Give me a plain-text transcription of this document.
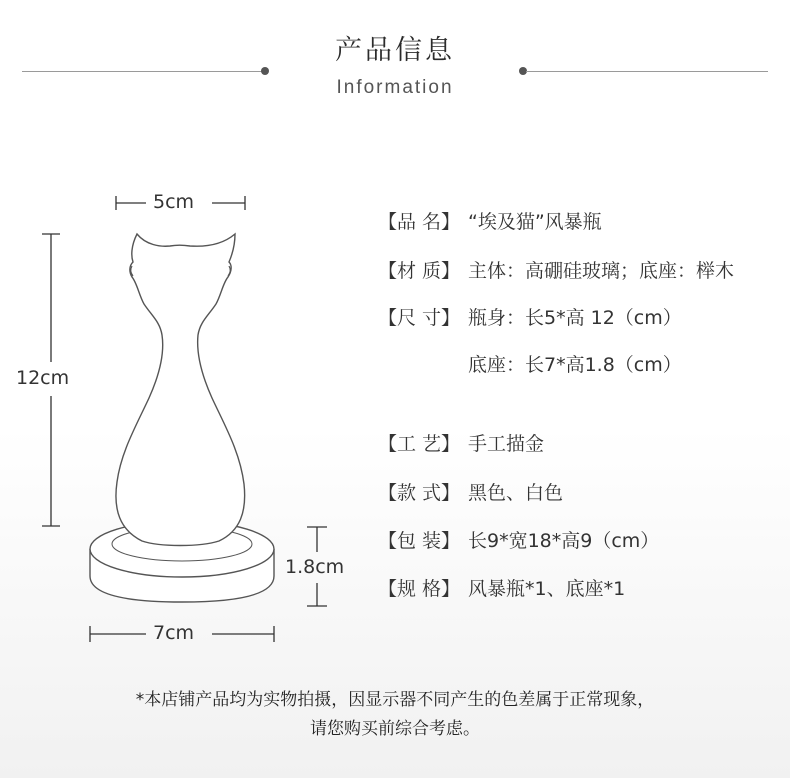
产品信息
Information
5cm
12cm
1.8cm
7cm
【品 名】 “埃及猫”风暴瓶
【材 质】 主体：高硼硅玻璃；底座：榉木
【尺 寸】 瓶身：长5*高 12（cm）
底座：长7*高1.8（cm）
【工 艺】 手工描金
【款 式】 黑色、白色
【包 装】 长9*宽18*高9（cm）
【规 格】 风暴瓶*1、底座*1
*本店铺产品均为实物拍摄，因显示器不同产生的色差属于正常现象，
请您购买前综合考虑。
